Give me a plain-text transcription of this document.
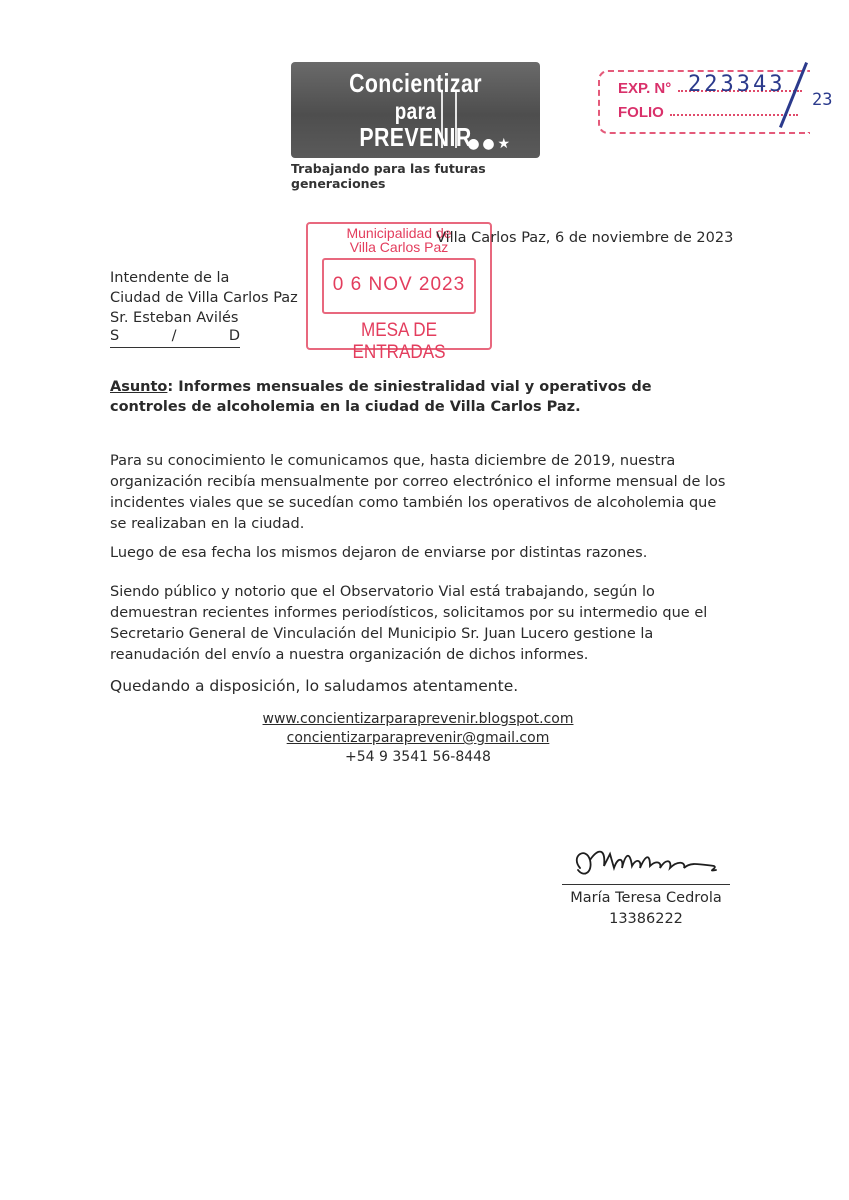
Concientizar
para
PREVENIR
● ● ★
Trabajando para las futuras generaciones
EXP. N°
FOLIO
223343
23
Municipalidad de
Villa Carlos Paz
0 6 NOV 2023
MESA DE ENTRADAS
Villa Carlos Paz, 6 de noviembre de 2023
Intendente de la
Ciudad de Villa Carlos Paz
Sr. Esteban Avilés
S	/	D
Asunto: Informes mensuales de siniestralidad vial y operativos de controles de alcoholemia en la ciudad de Villa Carlos Paz.
Para su conocimiento le comunicamos que, hasta diciembre de 2019, nuestra organización recibía mensualmente por correo electrónico el informe mensual de los incidentes viales que se sucedían como también los operativos de alcoholemia que se realizaban en la ciudad.
Luego de esa fecha los mismos dejaron de enviarse por distintas razones.
Siendo público y notorio que el Observatorio Vial está trabajando, según lo demuestran recientes informes periodísticos, solicitamos por su intermedio que el Secretario General de Vinculación del Municipio Sr. Juan Lucero gestione la reanudación del envío a nuestra organización de dichos informes.
Quedando a disposición, lo saludamos atentamente.
www.concientizarparaprevenir.blogspot.com
concientizarparaprevenir@gmail.com
+54 9 3541 56-8448
María Teresa Cedrola
13386222
